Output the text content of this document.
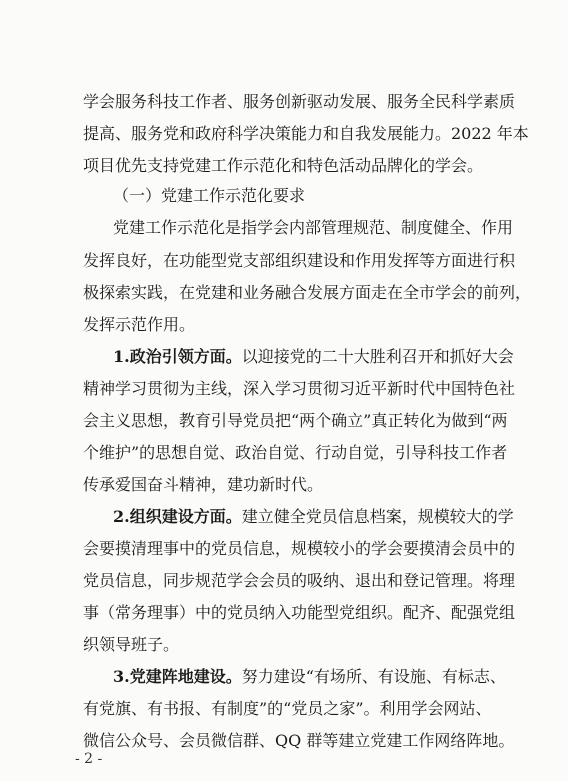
学会服务科技工作者、服务创新驱动发展、服务全民科学素质
提高、服务党和政府科学决策能力和自我发展能力。2022 年本
项目优先支持党建工作示范化和特色活动品牌化的学会。
（一）党建工作示范化要求
党建工作示范化是指学会内部管理规范、制度健全、作用
发挥良好，在功能型党支部组织建设和作用发挥等方面进行积
极探索实践，在党建和业务融合发展方面走在全市学会的前列，
发挥示范作用。
1.政治引领方面。以迎接党的二十大胜利召开和抓好大会
精神学习贯彻为主线，深入学习贯彻习近平新时代中国特色社
会主义思想，教育引导党员把“两个确立”真正转化为做到“两
个维护”的思想自觉、政治自觉、行动自觉，引导科技工作者
传承爱国奋斗精神，建功新时代。
2.组织建设方面。建立健全党员信息档案，规模较大的学
会要摸清理事中的党员信息，规模较小的学会要摸清会员中的
党员信息，同步规范学会会员的吸纳、退出和登记管理。将理
事（常务理事）中的党员纳入功能型党组织。配齐、配强党组
织领导班子。
3.党建阵地建设。努力建设“有场所、有设施、有标志、
有党旗、有书报、有制度”的“党员之家”。利用学会网站、
微信公众号、会员微信群、QQ 群等建立党建工作网络阵地。
- 2 -
